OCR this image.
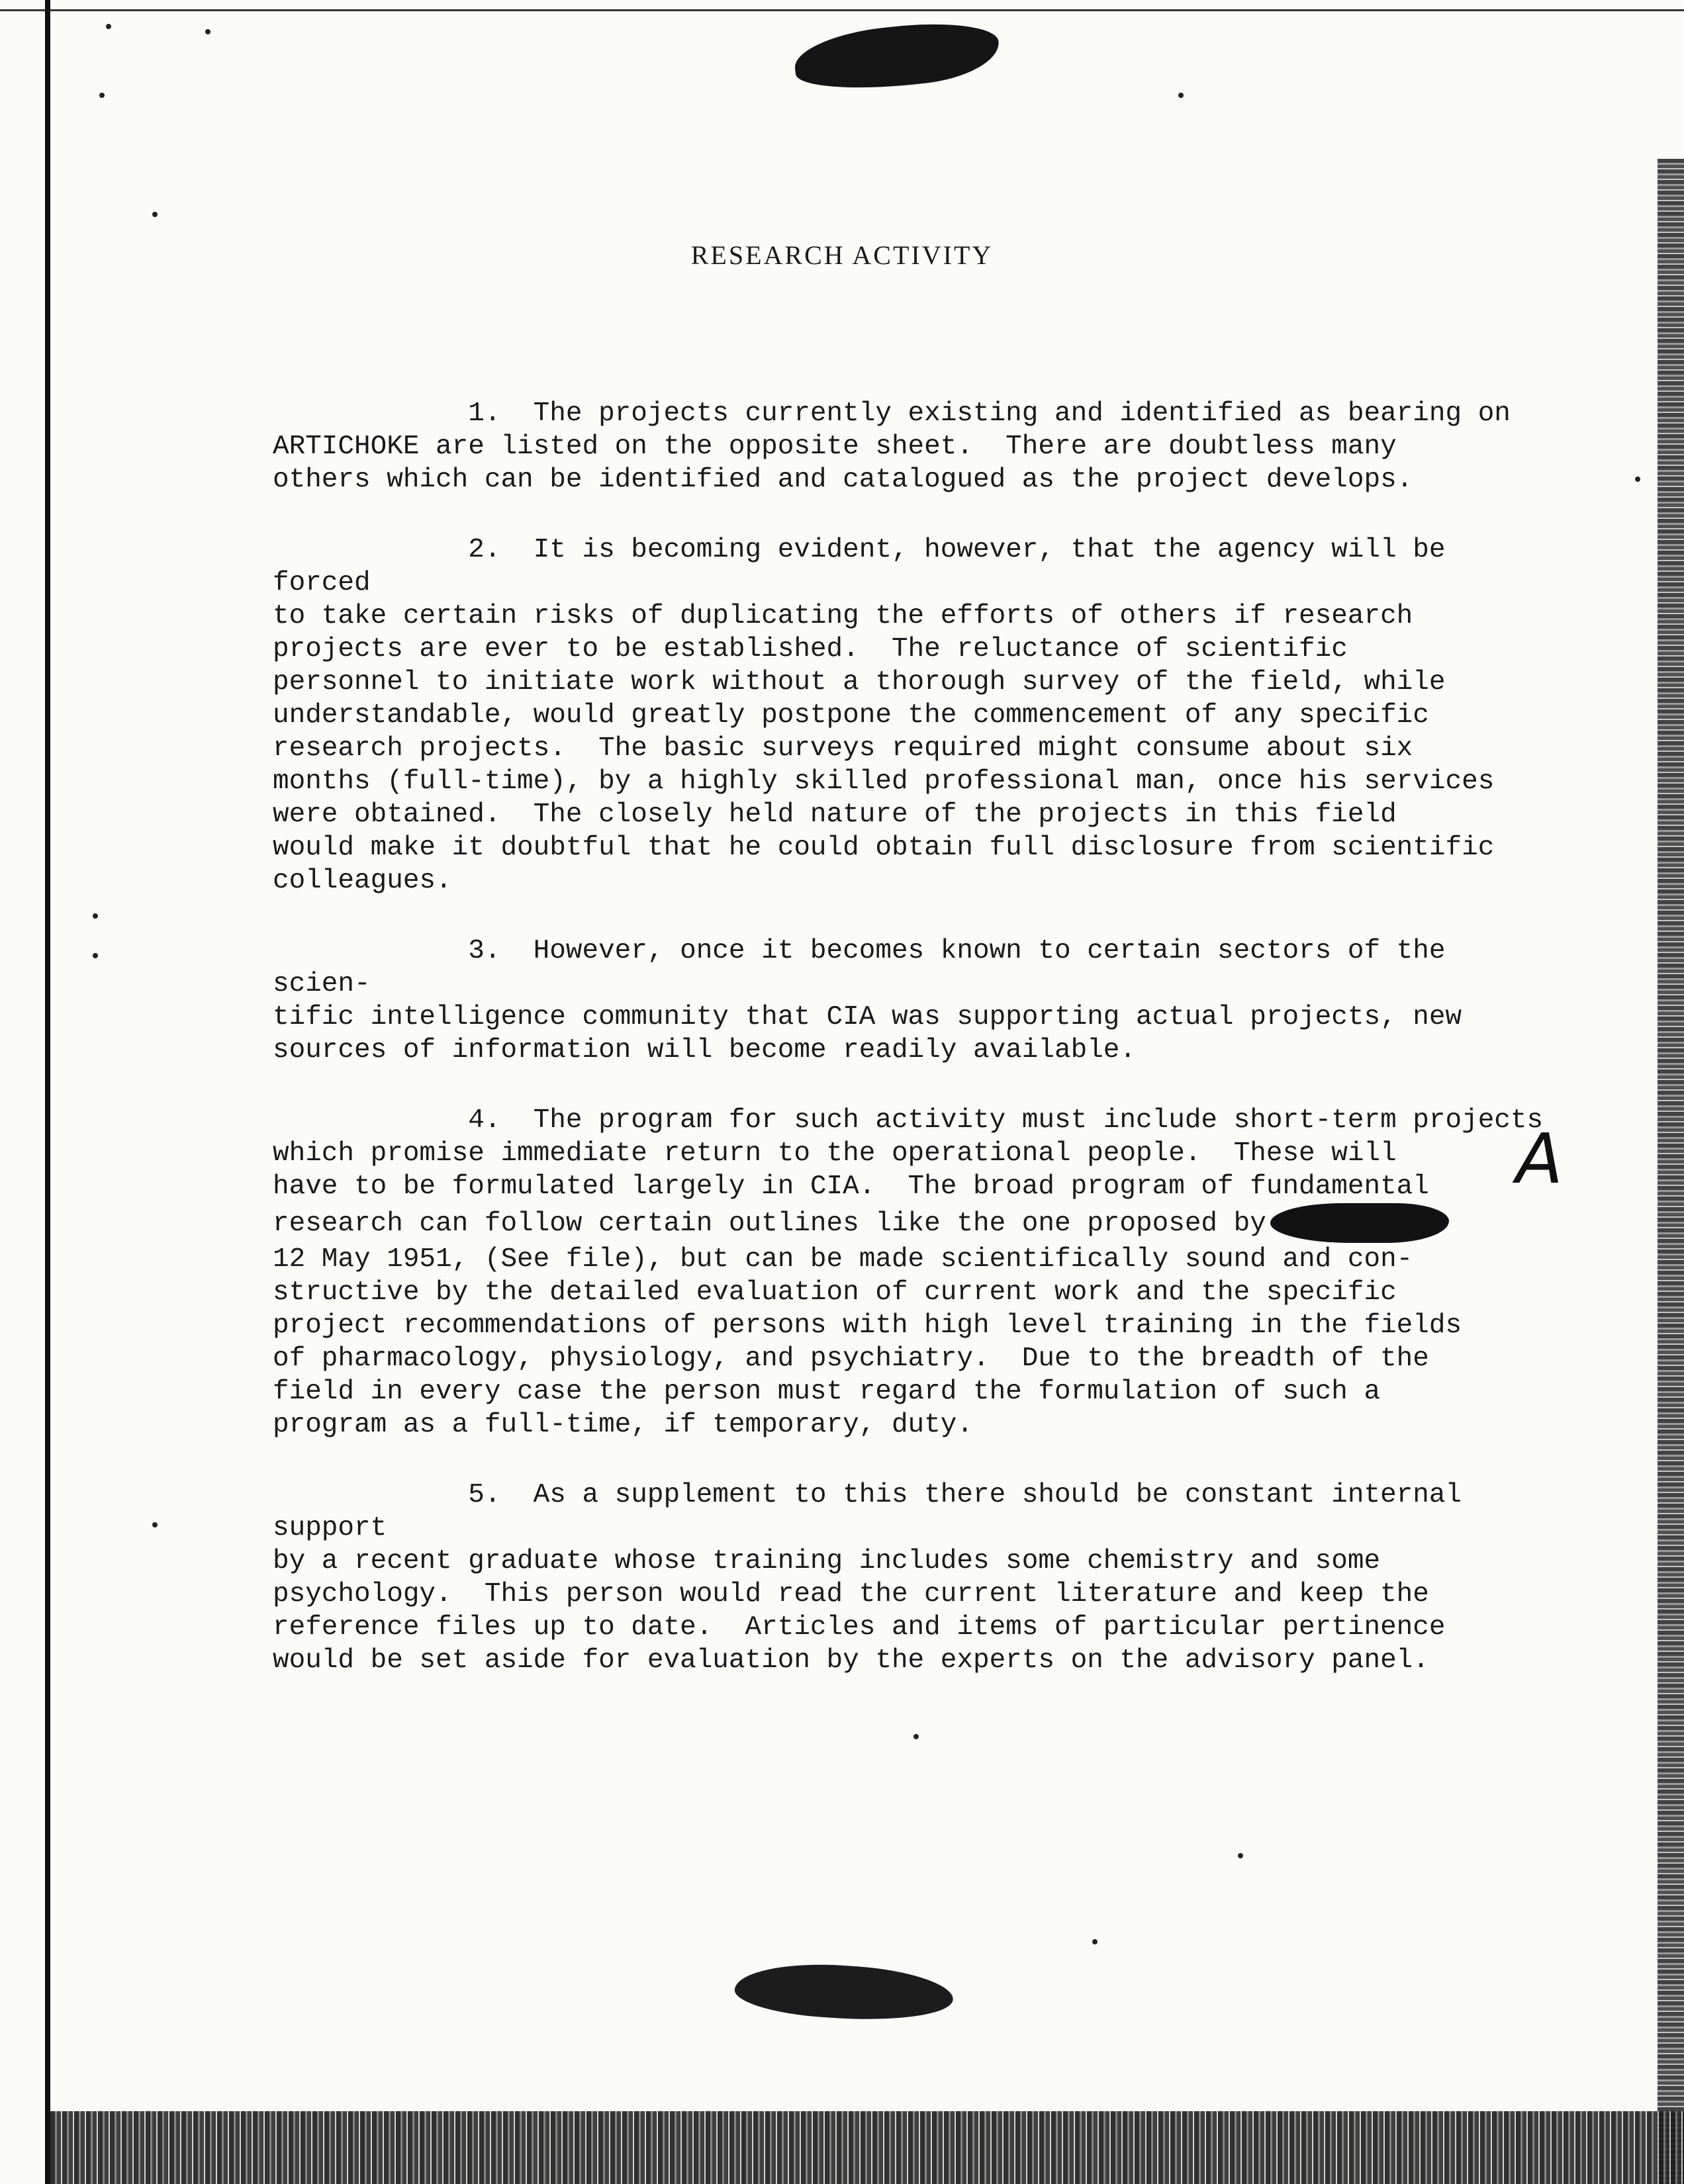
RESEARCH ACTIVITY

1.  The projects currently existing and identified as bearing on
ARTICHOKE are listed on the opposite sheet.  There are doubtless many
others which can be identified and catalogued as the project develops.

2.  It is becoming evident, however, that the agency will be forced
to take certain risks of duplicating the efforts of others if research
projects are ever to be established.  The reluctance of scientific
personnel to initiate work without a thorough survey of the field, while
understandable, would greatly postpone the commencement of any specific
research projects.  The basic surveys required might consume about six
months (full-time), by a highly skilled professional man, once his services
were obtained.  The closely held nature of the projects in this field
would make it doubtful that he could obtain full disclosure from scientific
colleagues.

3.  However, once it becomes known to certain sectors of the scien-
tific intelligence community that CIA was supporting actual projects, new
sources of information will become readily available.

4.  The program for such activity must include short-term projects
which promise immediate return to the operational people.  These will
have to be formulated largely in CIA.  The broad program of fundamental
research can follow certain outlines like the one proposed by
12 May 1951, (See file), but can be made scientifically sound and con-
structive by the detailed evaluation of current work and the specific
project recommendations of persons with high level training in the fields
of pharmacology, physiology, and psychiatry.  Due to the breadth of the
field in every case the person must regard the formulation of such a
program as a full-time, if temporary, duty.

5.  As a supplement to this there should be constant internal support
by a recent graduate whose training includes some chemistry and some
psychology.  This person would read the current literature and keep the
reference files up to date.  Articles and items of particular pertinence
would be set aside for evaluation by the experts on the advisory panel.

A
